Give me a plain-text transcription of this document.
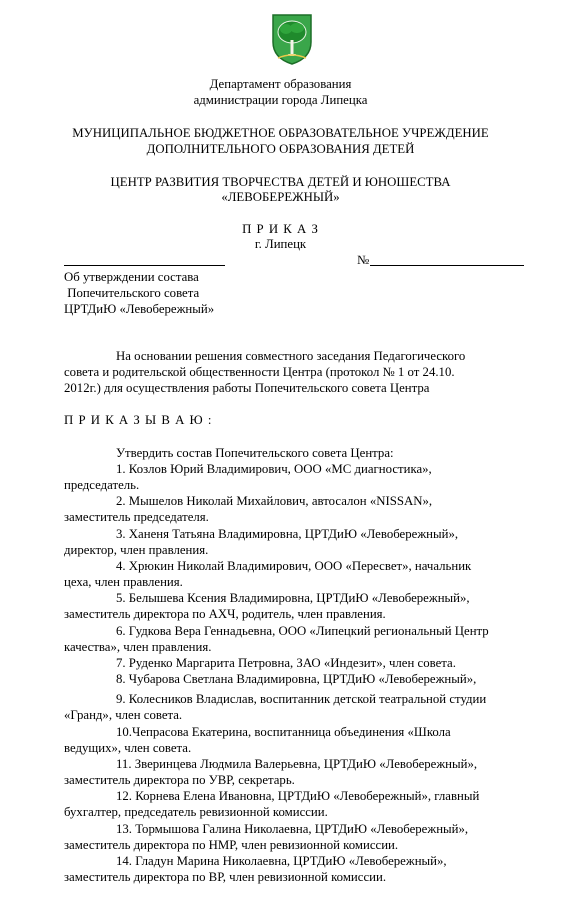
Департамент образования
администрации города Липецка
МУНИЦИПАЛЬНОЕ БЮДЖЕТНОЕ ОБРАЗОВАТЕЛЬНОЕ УЧРЕЖДЕНИЕ
ДОПОЛНИТЕЛЬНОГО ОБРАЗОВАНИЯ ДЕТЕЙ
ЦЕНТР РАЗВИТИЯ ТВОРЧЕСТВА ДЕТЕЙ И ЮНОШЕСТВА
«ЛЕВОБЕРЕЖНЫЙ»
П Р И К А З
г. Липецк
№
Об утверждении состава
Попечительского совета
ЦРТДиЮ «Левобережный»
На основании решения совместного заседания Педагогического
совета и родительской общественности Центра (протокол № 1 от 24.10.
2012г.) для осуществления работы Попечительского совета Центра
П Р И К А З Ы В А Ю :
Утвердить состав Попечительского совета Центра:
1. Козлов Юрий Владимирович, ООО «МС диагностика»,
председатель.
2. Мышелов Николай Михайлович, автосалон «NISSAN»,
заместитель председателя.
3. Ханеня Татьяна Владимировна, ЦРТДиЮ «Левобережный»,
директор, член правления.
4. Хрюкин Николай Владимирович, ООО «Пересвет», начальник
цеха, член правления.
5. Белышева Ксения Владимировна, ЦРТДиЮ «Левобережный»,
заместитель директора по АХЧ, родитель, член правления.
6. Гудкова Вера Геннадьевна, ООО «Липецкий региональный Центр
качества», член правления.
7. Руденко Маргарита Петровна, ЗАО «Индезит», член совета.
8. Чубарова Светлана Владимировна, ЦРТДиЮ «Левобережный»,
9. Колесников Владислав, воспитанник детской театральной студии
«Гранд», член совета.
10.Чепрасова Екатерина, воспитанница объединения «Школа
ведущих», член совета.
11. Зверинцева Людмила Валерьевна, ЦРТДиЮ «Левобережный»,
заместитель директора по УВР, секретарь.
12. Корнева Елена Ивановна, ЦРТДиЮ «Левобережный», главный
бухгалтер, председатель ревизионной комиссии.
13. Тормышова Галина Николаевна, ЦРТДиЮ «Левобережный»,
заместитель директора по НМР, член ревизионной комиссии.
14. Гладун Марина Николаевна, ЦРТДиЮ «Левобережный»,
заместитель директора по ВР, член ревизионной комиссии.
